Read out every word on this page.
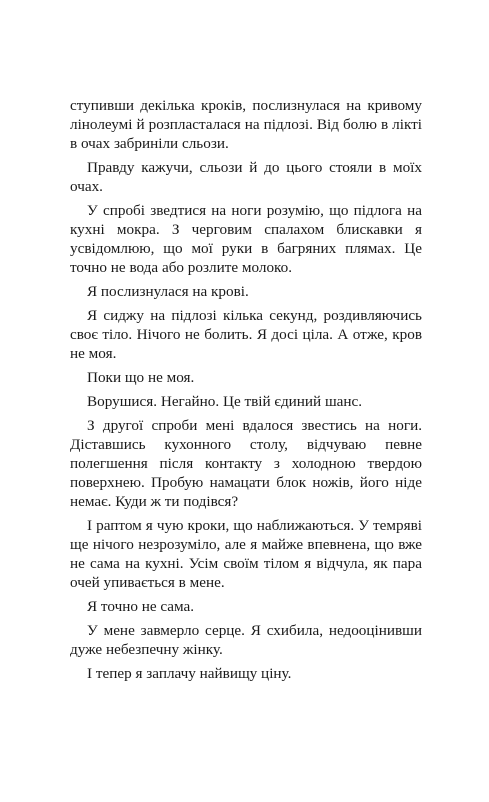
ступивши декілька кроків, послизнулася на кривому лінолеумі й розпласталася на підлозі. Від болю в лікті в очах забриніли сльози.

Правду кажучи, сльози й до цього стояли в моїх очах.

У спробі зведтися на ноги розумію, що підлога на кухні мокра. З черговим спалахом блискавки я усвідомлюю, що мої руки в багряних плямах. Це точно не вода або розлите молоко.

Я послизнулася на крові.

Я сиджу на підлозі кілька секунд, роздивляючись своє тіло. Нічого не болить. Я досі ціла. А отже, кров не моя.

Поки що не моя.

Ворушися. Негайно. Це твій єдиний шанс.

З другої спроби мені вдалося звестись на ноги. Діставшись кухонного столу, відчуваю певне полегшення після контакту з холодною твердою поверхнею. Пробую намацати блок ножів, його ніде немає. Куди ж ти подівся?

І раптом я чую кроки, що наближаються. У темряві ще нічого незрозуміло, але я майже впевнена, що вже не сама на кухні. Усім своїм тілом я відчула, як пара очей упивається в мене.

Я точно не сама.

У мене завмерло серце. Я схибила, недооцінивши дуже небезпечну жінку.

І тепер я заплачу найвищу ціну.
